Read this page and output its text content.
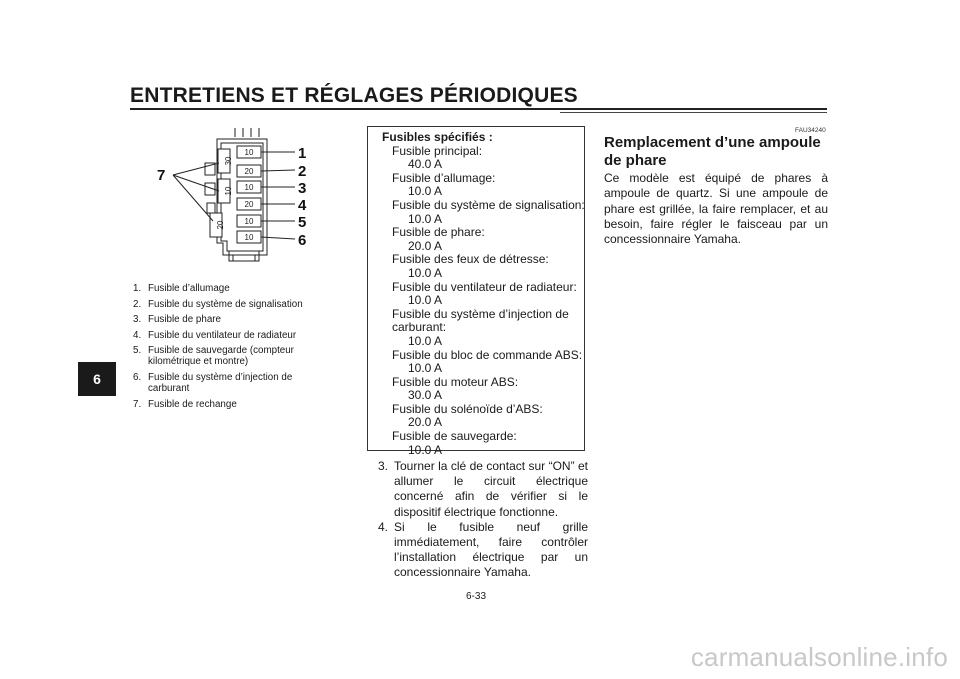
ENTRETIENS ET RÉGLAGES PÉRIODIQUES
6
30
10
20
10
20
10
20
10
10
1
2
3
4
5
6
7
1. Fusible d’allumage
2. Fusible du système de signalisation
3. Fusible de phare
4. Fusible du ventilateur de radiateur
5. Fusible de sauvegarde (compteur kilométrique et montre)
6. Fusible du système d’injection de carburant
7. Fusible de rechange
Fusibles spécifiés :
Fusible principal:
40.0 A
Fusible d’allumage:
10.0 A
Fusible du système de signalisation:
10.0 A
Fusible de phare:
20.0 A
Fusible des feux de détresse:
10.0 A
Fusible du ventilateur de radiateur:
10.0 A
Fusible du système d’injection de
carburant:
10.0 A
Fusible du bloc de commande ABS:
10.0 A
Fusible du moteur ABS:
30.0 A
Fusible du solénoïde d’ABS:
20.0 A
Fusible de sauvegarde:
10.0 A
3. Tourner la clé de contact sur “ON” et allumer le circuit électrique concerné afin de vérifier si le dispositif électrique fonctionne.
4. Si le fusible neuf grille immédiatement, faire contrôler l’installation électrique par un concessionnaire Yamaha.
FAU34240
Remplacement d’une ampoule de phare
Ce modèle est équipé de phares à ampoule de quartz. Si une ampoule de phare est grillée, la faire remplacer, et au besoin, faire régler le faisceau par un concessionnaire Yamaha.
6-33
carmanualsonline.info
